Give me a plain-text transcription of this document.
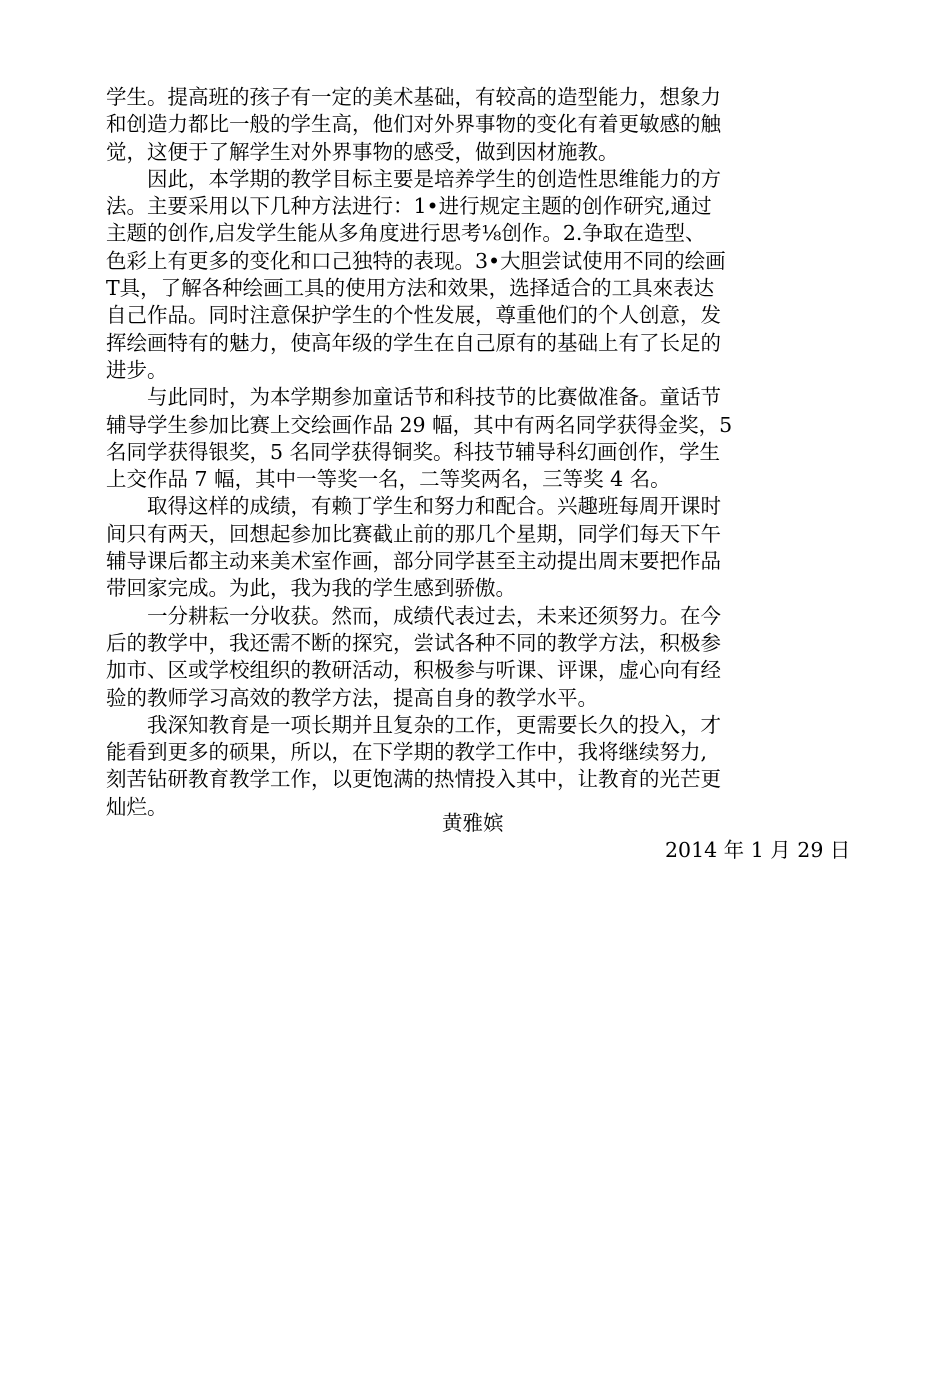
学生。提高班的孩子有一定的美术基础，有较高的造型能力，想象力
和创造力都比一般的学生高，他们对外界事物的变化有着更敏感的触
觉，这便于了解学生对外界事物的感受，做到因材施教。
　　因此，本学期的教学目标主要是培养学生的创造性思维能力的方
法。主要采用以下几种方法进行：1•进行规定主题的创作研究,通过
主题的创作,启发学生能从多角度进行思考⅛创作。2.争取在造型、
色彩上有更多的变化和口己独特的表现。3•大胆尝试使用不同的绘画
T具，了解各种绘画工具的使用方法和效果，选择适合的工具來表达
自己作品。同时注意保护学生的个性发展，尊重他们的个人创意，发
挥绘画特有的魅力，使高年级的学生在自己原有的基础上有了长足的
进步。
　　与此同时，为本学期参加童话节和科技节的比赛做准备。童话节
辅导学生参加比赛上交绘画作品 29 幅，其中有两名同学获得金奖，5
名同学获得银奖，5 名同学获得铜奖。科技节辅导科幻画创作，学生
上交作品 7 幅，其中一等奖一名，二等奖两名，三等奖 4 名。
　　取得这样的成绩，有赖丁学生和努力和配合。兴趣班每周开课时
间只有两天，回想起参加比赛截止前的那几个星期，同学们每天下午
辅导课后都主动来美术室作画，部分同学甚至主动提出周末要把作品
带回家完成。为此，我为我的学生感到骄傲。
　　一分耕耘一分收获。然而，成绩代表过去，未来还须努力。在今
后的教学中，我还需不断的探究，尝试各种不同的教学方法，积极参
加市、区或学校组织的教研活动，积极参与听课、评课，虚心向有经
验的教师学习高效的教学方法，提高自身的教学水平。
　　我深知教育是一项长期并且复杂的工作，更需要长久的投入，才
能看到更多的硕果，所以，在下学期的教学工作中，我将继续努力,
刻苦钻研教育教学工作，以更饱满的热情投入其中，让教育的光芒更
灿烂。
黄雅嫔
2014 年 1 月 29 日
